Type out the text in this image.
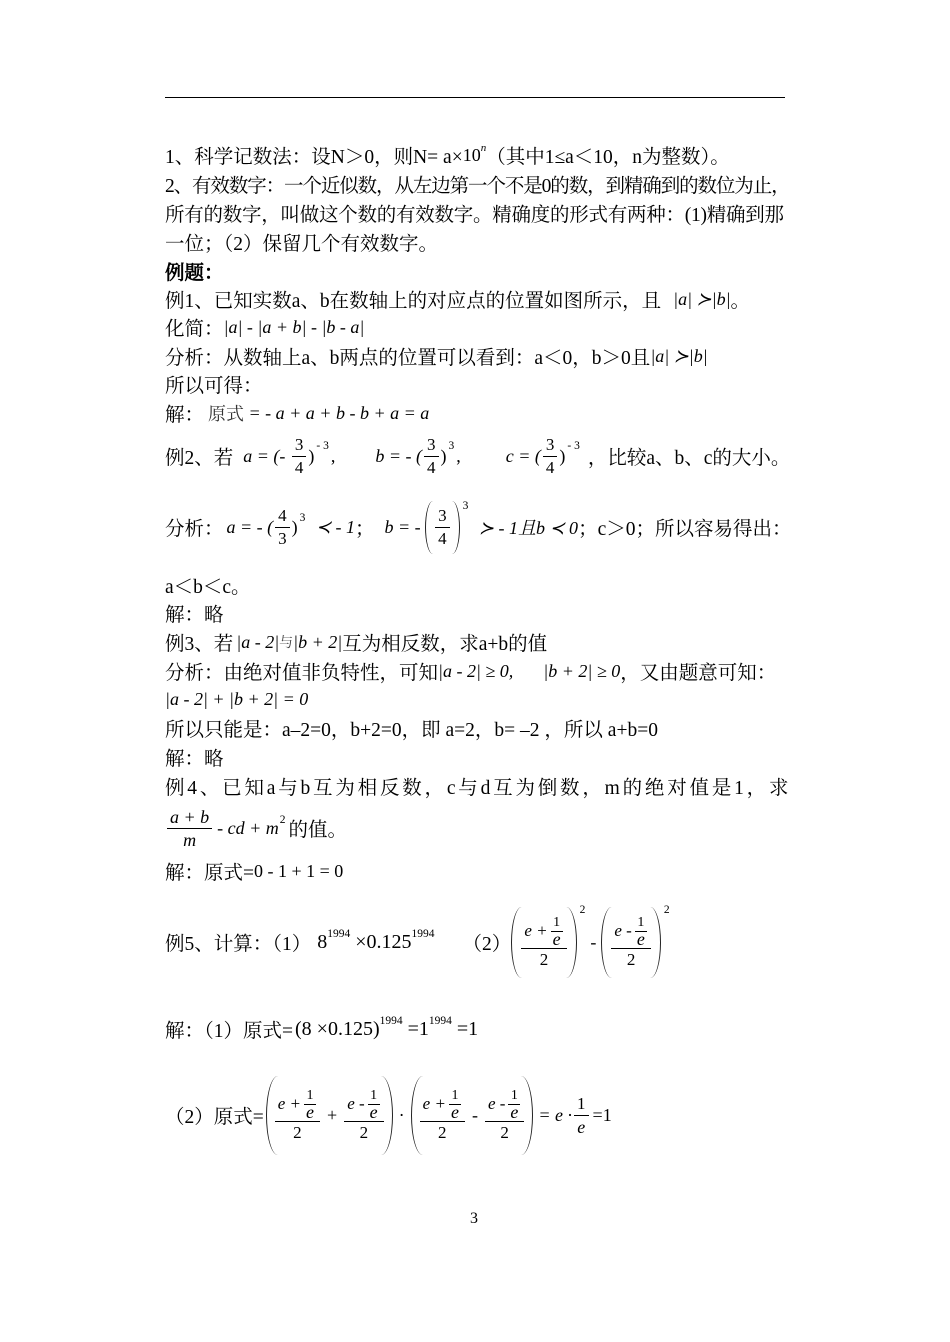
1、科学记数法：设N＞0，则N= a× 10 n （其中1≤a＜10，n为整数）。
2、有效数字：一个近似数，从左边第一个不是0的数，到精确到的数位为止，
所有的数字，叫做这个数的有效数字。精确度的形式有两种：(1)精确到那
一位；（2）保留几个有效数字。
例题：
例1、已知实数a、b在数轴上的对应点的位置如图所示，且 |a| ≻|b| 。
化简： |a| - |a + b| - |b - a|
分析：从数轴上a、b两点的位置可以看到：a＜0，b＞0且 |a| ≻|b|
所以可得：
解： 原式 = - a + a + b - b + a = a
例2、若 a = (- $\frac{3}{4}$ ) - 3 , b = - ( $\frac{3}{4}$ ) 3 ,	c = ( $\frac{3}{4}$ ) - 3
，比较a、b、c的大小。
分析： a = - ( $\frac{4}{3}$ ) 3 ≺ - 1 ； b = - $\frac{3}{4} 3$
≻ - 1且b ≺ 0 ；c＞0；所以容易得出：
a＜b＜c。
解：略
例3、若 |a - 2| 与 |b + 2| 互为相反数，求a+b的值
分析：由绝对值非负特性，可知 |a - 2| ≥ 0, |b + 2| ≥ 0 ，又由题意可知：
|a - 2| + |b + 2| = 0
所以只能是：a–2=0，b+2=0，即 a=2，b= –2 ，所以 a+b=0
解：略
例4、已知a与b互为相反数，c与d互为倒数，m的绝对值是1，求
$\frac{a + b}{m}$ - cd + m 2 的值。
解：原式= 0 - 1 + 1 = 0
例5、计算：（1） 8 1994 ×0.125 1994 $(2) \frac{e + \frac{1}{e}}{2}$
2
- $\frac{e - \frac{1}{e}}{2}$
2
解：（1）原式= (8 ×0.125) 1994 =1 1994 =1
（2）原式= $\frac{e + \frac{1}{e}}{2} + \frac{e - \frac{1}{e}}{2} \cdot \frac{e + \frac{1}{e}}{2} - \frac{e - \frac{1}{e}}{2} = e \cdot \frac{1}{e} =1$
3
